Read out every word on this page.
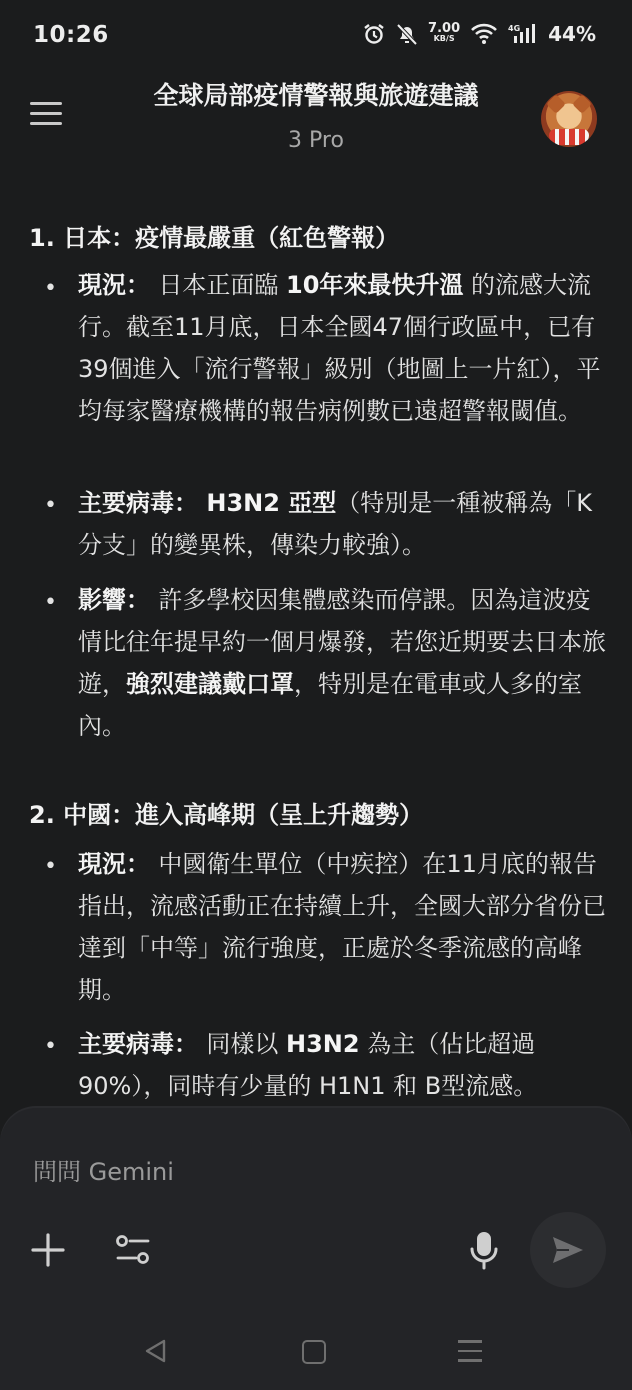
10:26	7.00
KB/S
4G 44%
全球局部疫情警報與旅遊建議
3 Pro
1. 日本：疫情最嚴重（紅色警報）
• 現況： 日本正面臨 10年來最快升溫 的流感大流行。截至11月底，日本全國47個行政區中，已有39個進入「流行警報」級別（地圖上一片紅），平均每家醫療機構的報告病例數已遠超警報閾值。
• 主要病毒： H3N2 亞型（特別是一種被稱為「K分支」的變異株，傳染力較強）。
• 影響： 許多學校因集體感染而停課。因為這波疫情比往年提早約一個月爆發，若您近期要去日本旅遊，強烈建議戴口罩，特別是在電車或人多的室內。
2. 中國：進入高峰期（呈上升趨勢）
• 現況： 中國衛生單位（中疾控）在11月底的報告指出，流感活動正在持續上升，全國大部分省份已達到「中等」流行強度，正處於冬季流感的高峰期。
• 主要病毒： 同樣以 H3N2 為主（佔比超過90%），同時有少量的 H1N1 和 B型流感。
問問 Gemini
